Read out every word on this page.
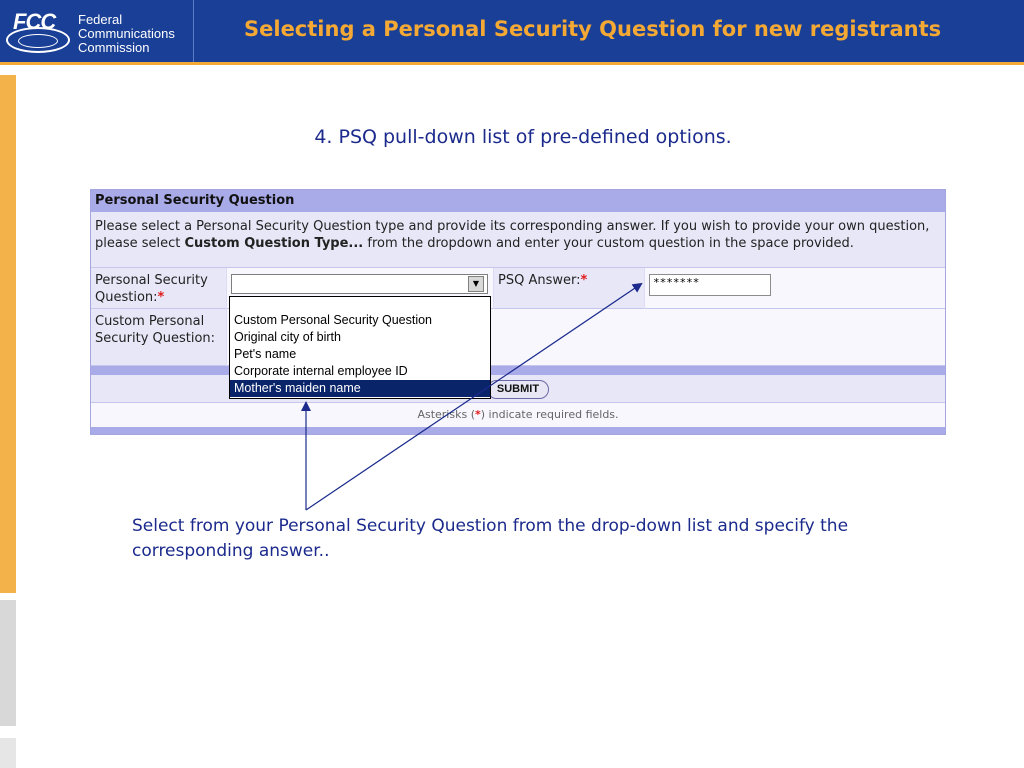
FCC Federal
Communications
Commission
Selecting a Personal Security Question for new registrants
4. PSQ pull-down list of pre-defined options.
Personal Security Question
Please select a Personal Security Question type and provide its corresponding answer. If you wish to provide your own question, please select Custom Question Type... from the dropdown and enter your custom question in the space provided.
Personal Security Question:*
PSQ Answer:*
▼	*******
Custom Personal Security Question:
SUBMIT
Asterisks (*) indicate required fields.
Custom Personal Security Question
Original city of birth
Pet's name
Corporate internal employee ID
Mother's maiden name
Select from your Personal Security Question from the drop-down list and specify the corresponding answer..
